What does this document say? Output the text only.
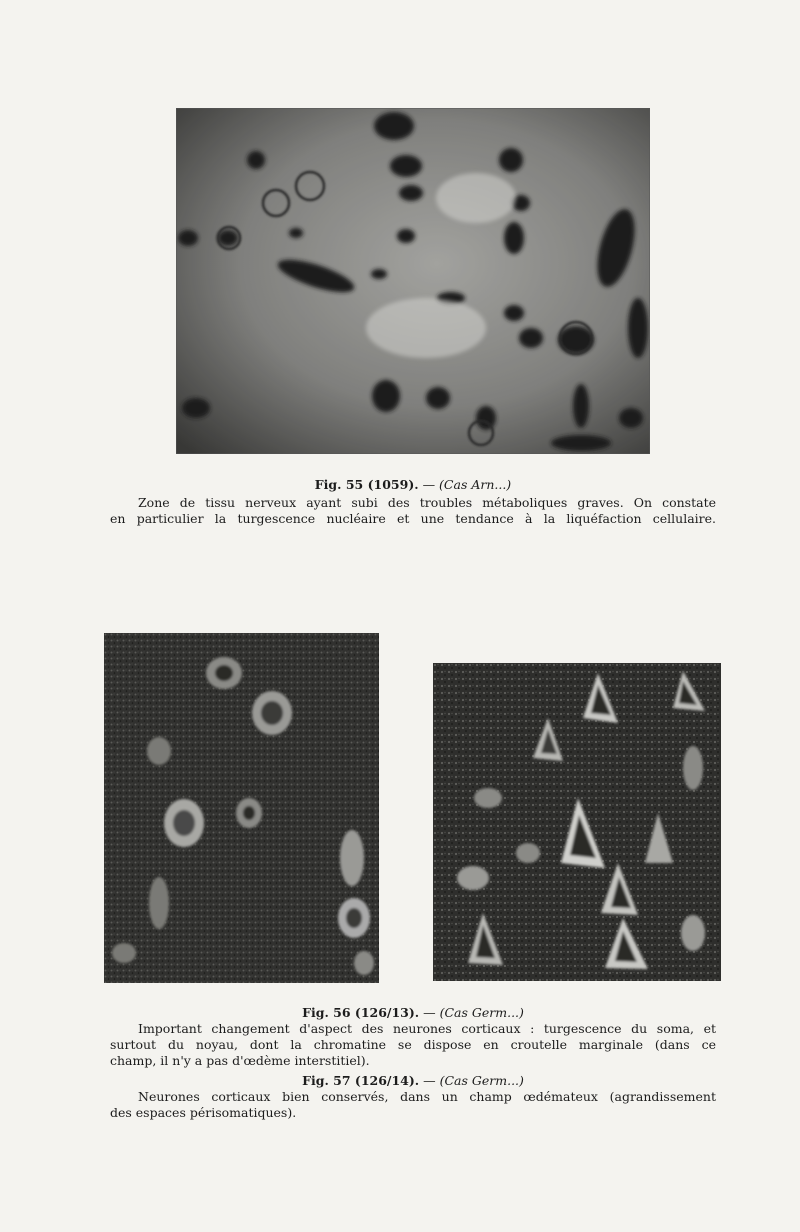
Fig. 55 (1059). — (Cas Arn...)
Zone de tissu nerveux ayant subi des troubles métaboliques graves. On constate
en particulier la turgescence nucléaire et une tendance à la liquéfaction cellulaire.
Fig. 56 (126/13). — (Cas Germ...)
Important changement d'aspect des neurones corticaux : turgescence du soma, et
surtout du noyau, dont la chromatine se dispose en croutelle marginale (dans ce
champ, il n'y a pas d'œdème interstitiel).
Fig. 57 (126/14). — (Cas Germ...)
Neurones corticaux bien conservés, dans un champ œdémateux (agrandissement
des espaces périsomatiques).
